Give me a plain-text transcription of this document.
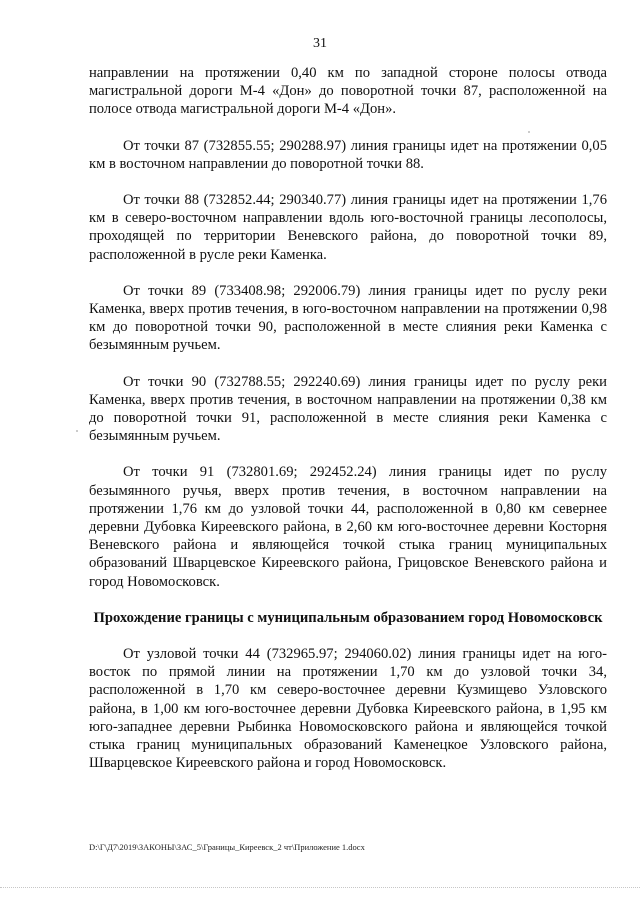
31

направлении на протяжении 0,40 км по западной стороне полосы отвода магистральной дороги М-4 «Дон» до поворотной точки 87, расположенной на полосе отвода магистральной дороги М-4 «Дон».

От точки 87 (732855.55; 290288.97) линия границы идет на протяжении 0,05 км в восточном направлении до поворотной точки 88.

От точки 88 (732852.44; 290340.77) линия границы идет на протяжении 1,76 км в северо-восточном направлении вдоль юго-восточной границы лесополосы, проходящей по территории Веневского района, до поворотной точки 89, расположенной в русле реки Каменка.

От точки 89 (733408.98; 292006.79) линия границы идет по руслу реки Каменка, вверх против течения, в юго-восточном направлении на протяжении 0,98 км до поворотной точки 90, расположенной в месте слияния реки Каменка с безымянным ручьем.

От точки 90 (732788.55; 292240.69) линия границы идет по руслу реки Каменка, вверх против течения, в восточном направлении на протяжении 0,38 км до поворотной точки 91, расположенной в месте слияния реки Каменка с безымянным ручьем.

От точки 91 (732801.69; 292452.24) линия границы идет по руслу безымянного ручья, вверх против течения, в восточном направлении на протяжении 1,76 км до узловой точки 44, расположенной в 0,80 км севернее деревни Дубовка Киреевского района, в 2,60 км юго-восточнее деревни Косторня Веневского района и являющейся точкой стыка границ муниципальных образований Шварцевское Киреевского района, Грицовское Веневского района и город Новомосковск.

Прохождение границы с муниципальным образованием город Новомосковск

От узловой точки 44 (732965.97; 294060.02) линия границы идет на юго-восток по прямой линии на протяжении 1,70 км до узловой точки 34, расположенной в 1,70 км северо-восточнее деревни Кузмищево Узловского района, в 1,00 км юго-восточнее деревни Дубовка Киреевского района, в 1,95 км юго-западнее деревни Рыбинка Новомосковского района и являющейся точкой стыка границ муниципальных образований Каменецкое Узловского района, Шварцевское Киреевского района и город Новомосковск.

D:\Г\Д7\2019\ЗАКОНЫ\ЗАС_5\Границы_Киреевск_2 чт\Приложение 1.docx
